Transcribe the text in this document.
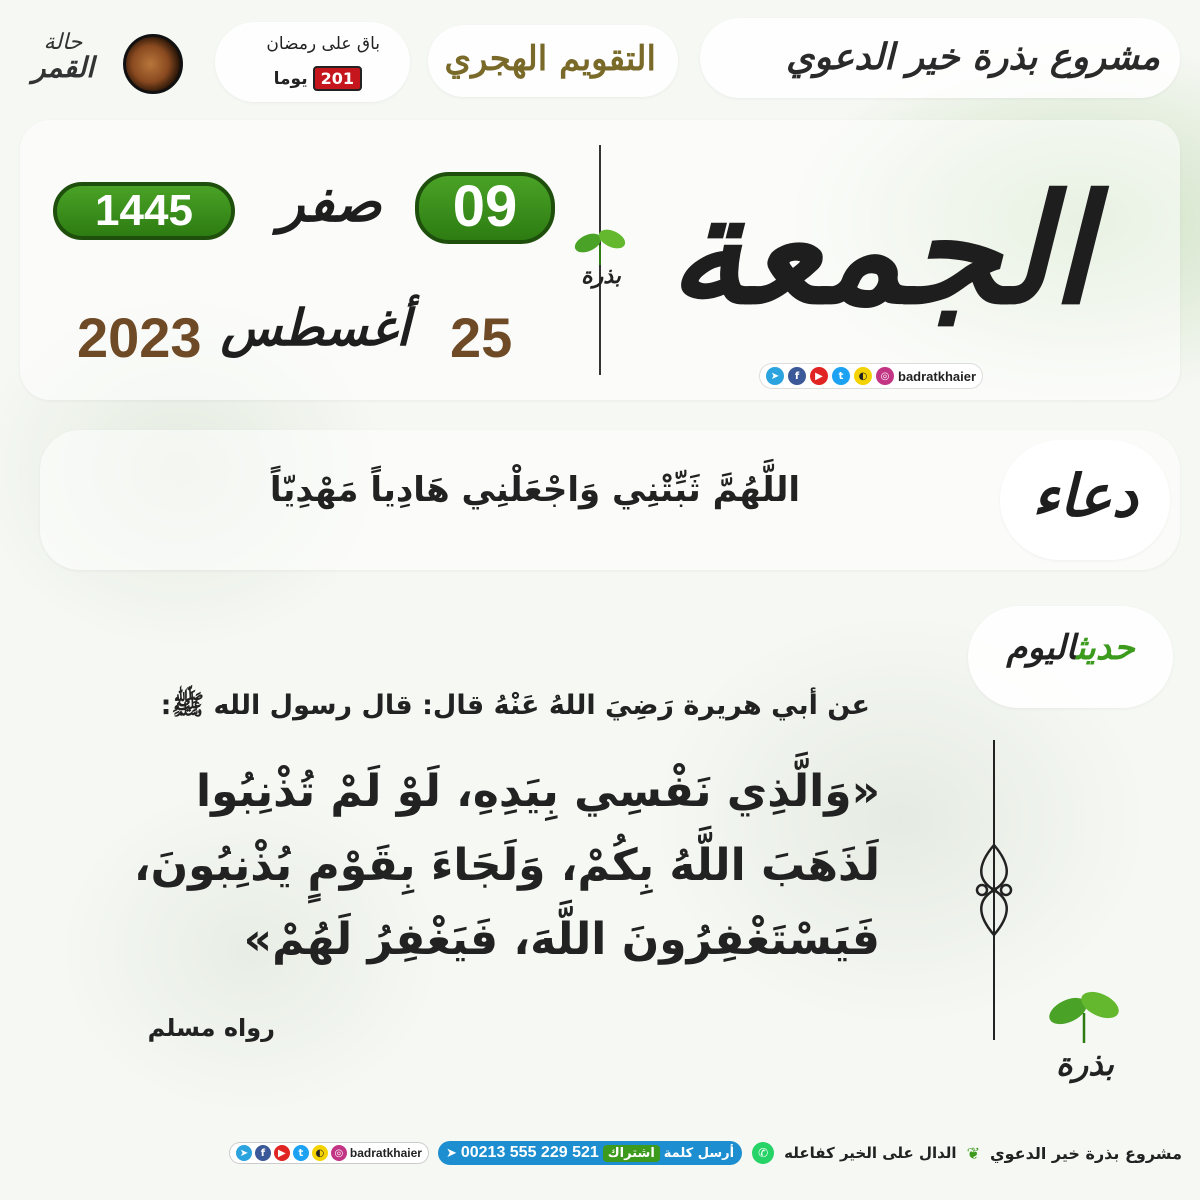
مشروع بذرة خير الدعوي
التقويم الهجري
باق على رمضان
201
يوما
حالة
القمر
الجمعة
بذرة
09
صفر
1445
25
أغسطس
2023
➤	f	▶	t	◐	◎ badratkhaier
دعاء
اللَّهُمَّ ثَبِّتْنِي وَاجْعَلْنِي هَادِياً مَهْدِيّاً
حديثاليوم
عن أبي هريرة رَضِيَ اللهُ عَنْهُ قال: قال رسول الله ﷺ:
«وَالَّذِي نَفْسِي بِيَدِهِ، لَوْ لَمْ تُذْنِبُوا
لَذَهَبَ اللَّهُ بِكُمْ، وَلَجَاءَ بِقَوْمٍ يُذْنِبُونَ،
فَيَسْتَغْفِرُونَ اللَّهَ، فَيَغْفِرُ لَهُمْ»
رواه مسلم
بذرة
مشروع بذرة خير الدعوي
❦
الدال على الخير كفاعله
✆
أرسل كلمة
اشتراك
00213 555 229 521
➤
➤	f	▶	t	◐	◎ badratkhaier
